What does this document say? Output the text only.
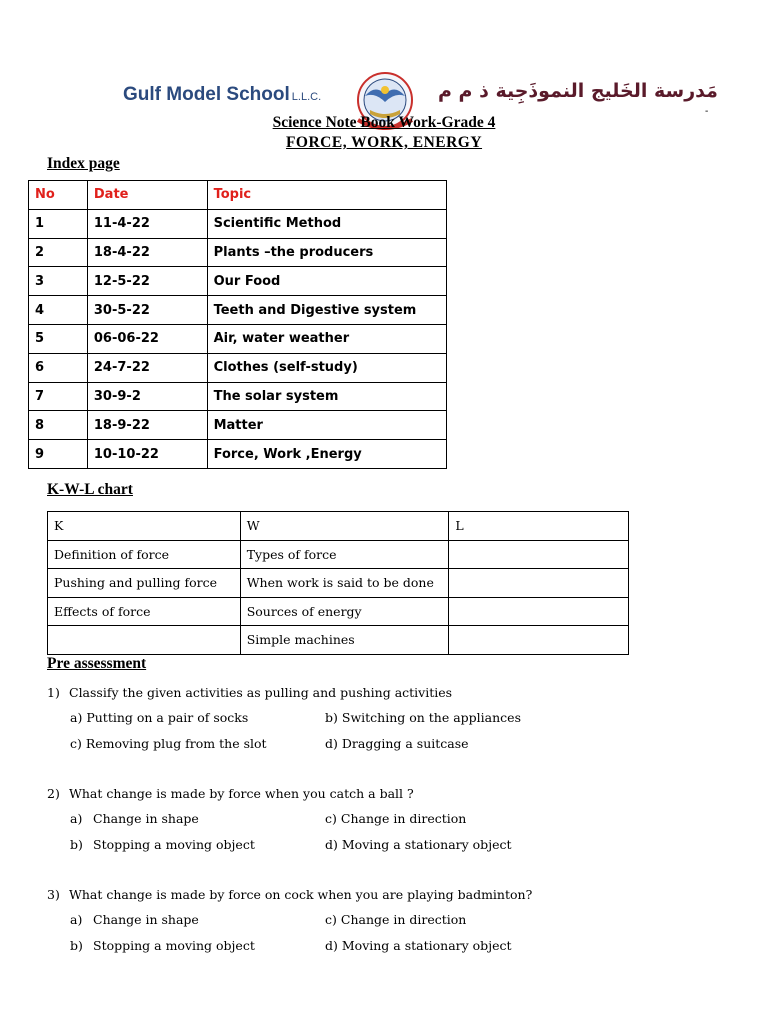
Gulf Model School L.L.C.	مَدرسة الخَليج النموذَجِية ذ م م
-
Science Note Book Work-Grade 4
FORCE, WORK, ENERGY
Index page
No	Date	Topic
1	11-4-22	Scientific Method
2	18-4-22	Plants –the producers
3	12-5-22	Our Food
4	30-5-22	Teeth and Digestive system
5	06-06-22	Air, water weather
6	24-7-22	Clothes (self-study)
7	30-9-2	The solar system
8	18-9-22	Matter
9	10-10-22	Force, Work ,Energy
K-W-L chart
K	W	L
Definition of force	Types of force	
Pushing and pulling force	When work is said to be done	
Effects of force	Sources of energy	
	Simple machines	
Pre assessment
1) Classify the given activities as pulling and pushing activities
a) Putting on a pair of socks	b) Switching on the appliances
c) Removing plug from the slot	d) Dragging a suitcase
2) What change is made by force when you catch a ball ?
a) Change in shape	c) Change in direction
b) Stopping a moving object	d) Moving a stationary object
3) What change is made by force on cock when you are playing badminton?
a) Change in shape	c) Change in direction
b) Stopping a moving object	d) Moving a stationary object
